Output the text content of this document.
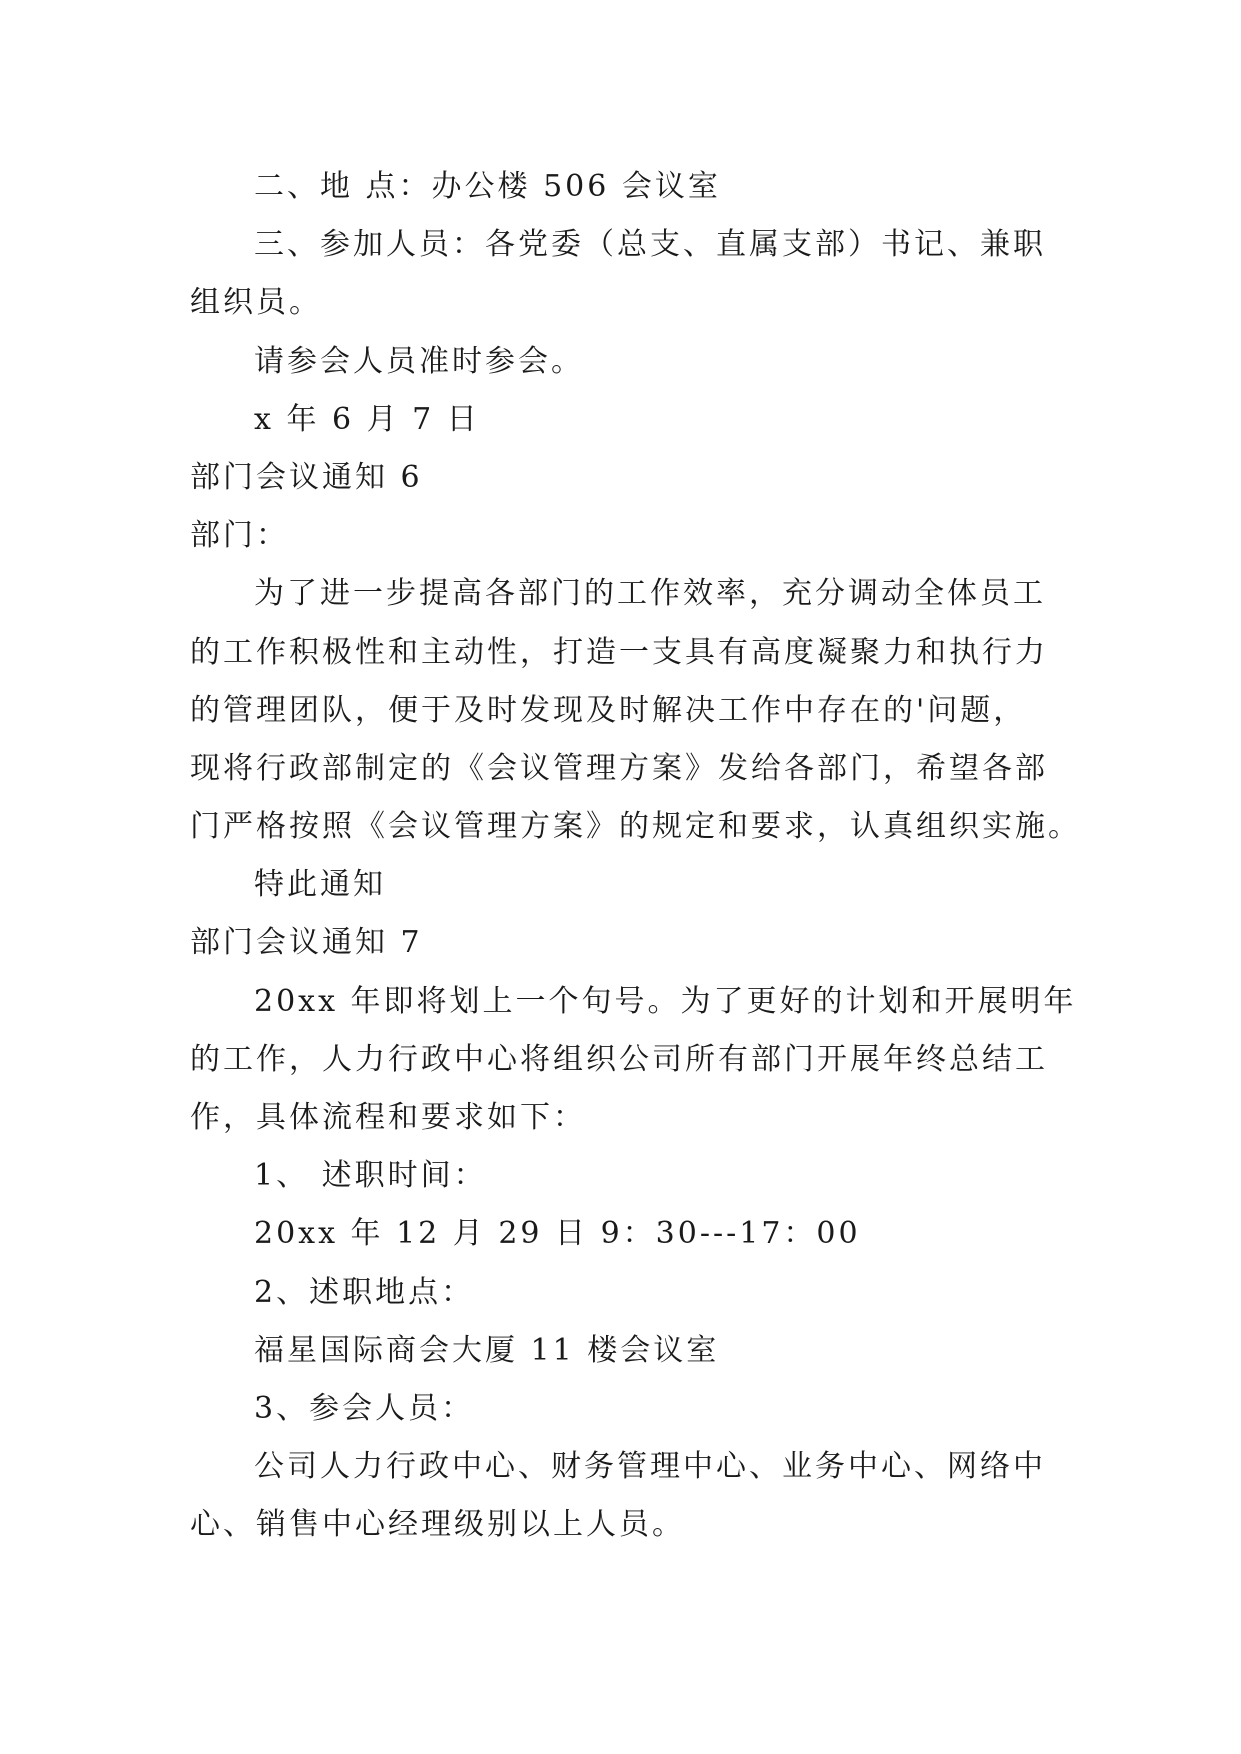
二、地 点：办公楼 506 会议室
三、参加人员：各党委（总支、直属支部）书记、兼职
组织员。
请参会人员准时参会。
x 年 6 月 7 日
部门会议通知 6
部门：
为了进一步提高各部门的工作效率，充分调动全体员工
的工作积极性和主动性，打造一支具有高度凝聚力和执行力
的管理团队，便于及时发现及时解决工作中存在的'问题，
现将行政部制定的《会议管理方案》发给各部门，希望各部
门严格按照《会议管理方案》的规定和要求，认真组织实施。
特此通知
部门会议通知 7
20xx 年即将划上一个句号。为了更好的计划和开展明年
的工作，人力行政中心将组织公司所有部门开展年终总结工
作，具体流程和要求如下：
1、 述职时间：
20xx 年 12 月 29 日 9：30---17：00
2、述职地点：
福星国际商会大厦 11 楼会议室
3、参会人员：
公司人力行政中心、财务管理中心、业务中心、网络中
心、销售中心经理级别以上人员。
